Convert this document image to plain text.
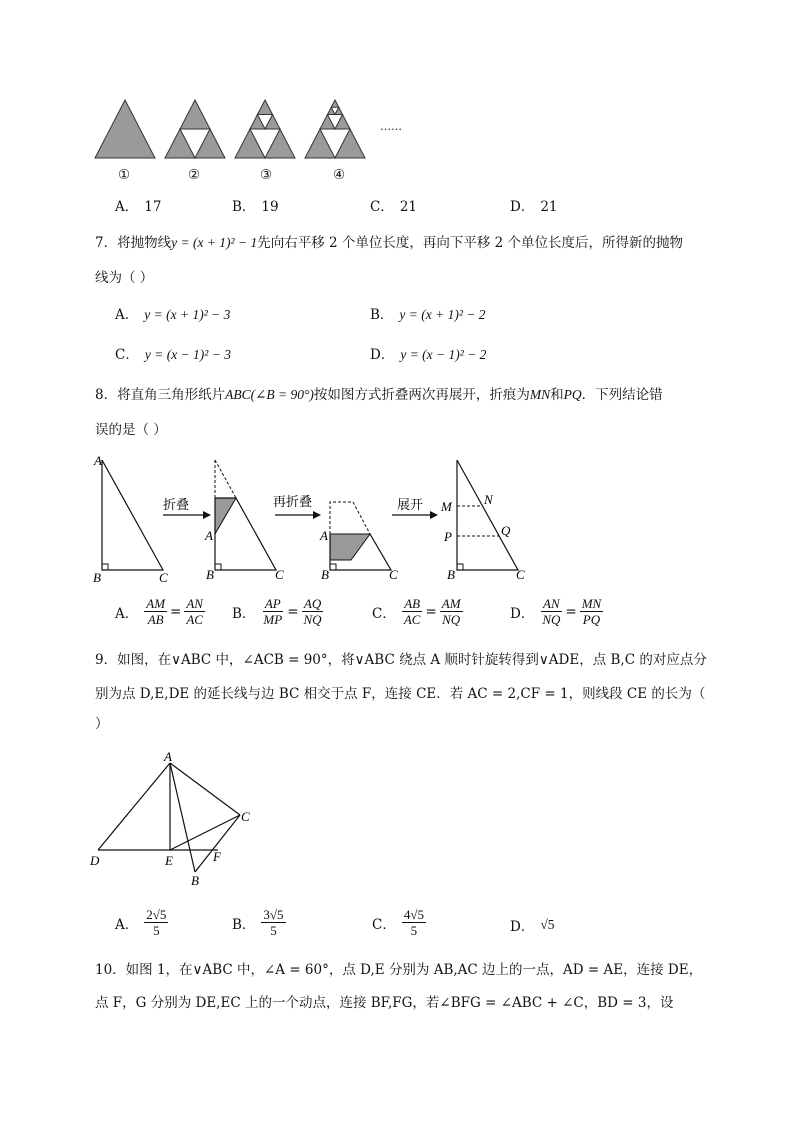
……
①	②	③	④
A． 17	B． 19	C． 21	D． 21
7．将抛物线y = (x + 1)² − 1先向右平移 2 个单位长度，再向下平移 2 个单位长度后，所得新的抛物
线为（ ）
A． y = (x + 1)² − 3	B． y = (x + 1)² − 2
C． y = (x − 1)² − 3	D． y = (x − 1)² − 2
8．将直角三角形纸片ABC(∠B = 90°)按如图方式折叠两次再展开，折痕为MN和PQ．下列结论错
误的是（ ）
A
B	C
折叠
A
B	C
再折叠
A
B	C
展开 M N
P	Q
B	C
A． $\frac{AM}{AB} = \frac{AN}{AC}$ B． $\frac{AP}{MP} = \frac{AQ}{NQ}$	C． $\frac{AB}{AC} = \frac{AM}{NQ}$	D． $\frac{AN}{NQ} = \frac{MN}{PQ}$
9．如图，在∨ABC 中，∠ACB = 90°，将∨ABC 绕点 A 顺时针旋转得到∨ADE，点 B,C 的对应点分
别为点 D,E,DE 的延长线与边 BC 相交于点 F，连接 CE．若 AC = 2,CF = 1，则线段 CE 的长为（
）
A
D	E	F
C
B
A． $\frac{2√5}{5}$	B． $\frac{3√5}{5}$	C． $\frac{4√5}{5}$	D． √5
10．如图 1，在∨ABC 中，∠A = 60°，点 D,E 分别为 AB,AC 边上的一点，AD = AE，连接 DE，
点 F，G 分别为 DE,EC 上的一个动点，连接 BF,FG，若∠BFG = ∠ABC + ∠C，BD = 3，设
